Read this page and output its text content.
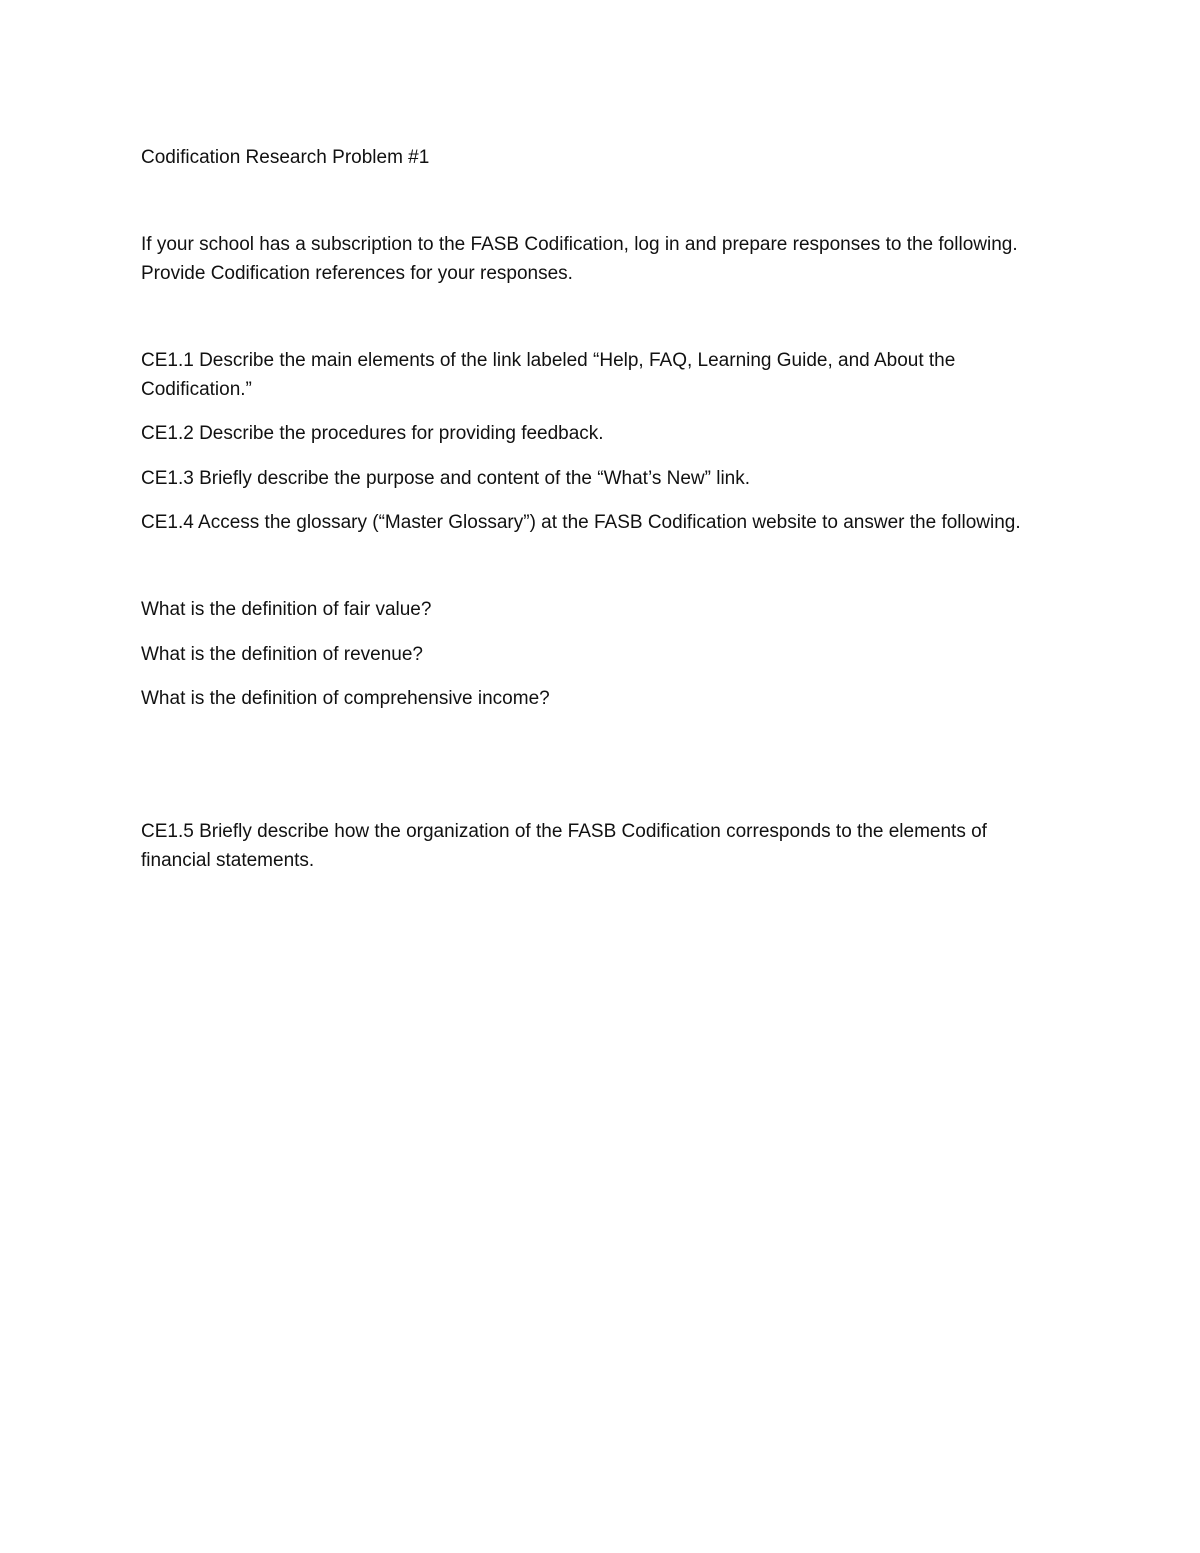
Codification Research Problem #1

If your school has a subscription to the FASB Codification, log in and prepare responses to the following. Provide Codification references for your responses.

CE1.1 Describe the main elements of the link labeled “Help, FAQ, Learning Guide, and About the Codification.”

CE1.2 Describe the procedures for providing feedback.

CE1.3 Briefly describe the purpose and content of the “What’s New” link.

CE1.4 Access the glossary (“Master Glossary”) at the FASB Codification website to answer the following.

What is the definition of fair value?

What is the definition of revenue?

What is the definition of comprehensive income?

CE1.5 Briefly describe how the organization of the FASB Codification corresponds to the elements of financial statements.
